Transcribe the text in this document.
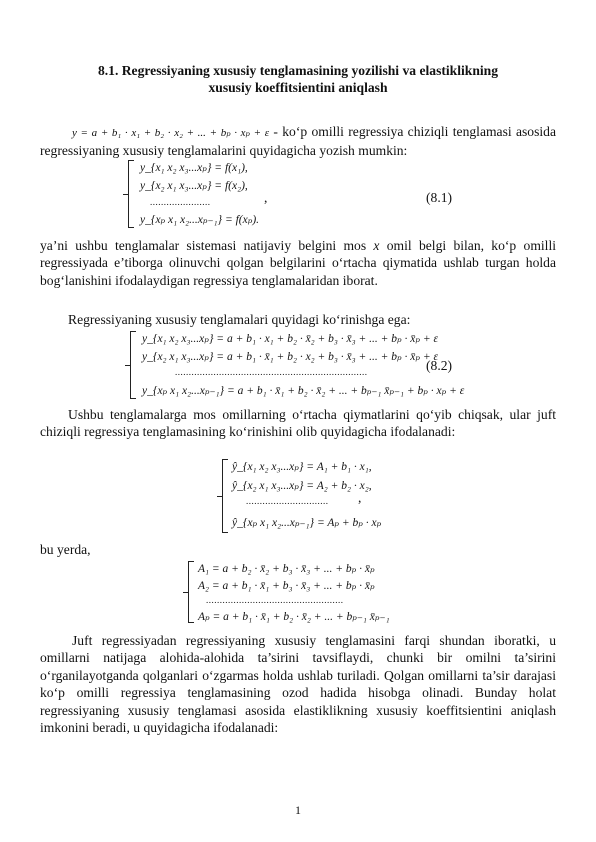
8.1. Regressiyaning xususiy tenglamasining yozilishi va elastiklikning
xususiy koeffitsientini aniqlash
y = a + b₁ · x₁ + b₂ · x₂ + ... + bₚ · xₚ + ε - ko‘p omilli regressiya chiziqli tenglamasi asosida regressiyaning xususiy tenglamalarini quyidagicha yozish mumkin:
y_{x₁ x₂ x₃...xₚ} = f(x₁),
y_{x₂ x₁ x₃...xₚ} = f(x₂),
......................
y_{xₚ x₁ x₂...xₚ₋₁} = f(xₚ).
,	(8.1)
ya’ni ushbu tenglamalar sistemasi natijaviy belgini mos x omil belgi bilan, ko‘p omilli regressiyada e’tiborga olinuvchi qolgan belgilarini o‘rtacha qiymatida ushlab turgan holda bog‘lanishini ifodalaydigan regressiya tenglamalaridan iborat.
Regressiyaning xususiy tenglamalari quyidagi ko‘rinishga ega:
y_{x₁ x₂ x₃...xₚ} = a + b₁ · x₁ + b₂ · x̄₂ + b₃ · x̄₃ + ... + bₚ · x̄ₚ + ε
y_{x₂ x₁ x₃...xₚ} = a + b₁ · x̄₁ + b₂ · x₂ + b₃ · x̄₃ + ... + bₚ · x̄ₚ + ε
......................................................................
y_{xₚ x₁ x₂...xₚ₋₁} = a + b₁ · x̄₁ + b₂ · x̄₂ + ... + bₚ₋₁ x̄ₚ₋₁ + bₚ · xₚ + ε
(8.2)
Ushbu tenglamalarga mos omillarning o‘rtacha qiymatlarini qo‘yib chiqsak, ular juft chiziqli regressiya tenglamasining ko‘rinishini olib quyidagicha ifodalanadi:
ŷ_{x₁ x₂ x₃...xₚ} = A₁ + b₁ · x₁,
ŷ_{x₂ x₁ x₃...xₚ} = A₂ + b₂ · x₂,
..............................
ŷ_{xₚ x₁ x₂...xₚ₋₁} = Aₚ + bₚ · xₚ
,
bu yerda,
A₁ = a + b₂ · x̄₂ + b₃ · x̄₃ + ... + bₚ · x̄ₚ
A₂ = a + b₁ · x̄₁ + b₃ · x̄₃ + ... + bₚ · x̄ₚ
..................................................
Aₚ = a + b₁ · x̄₁ + b₂ · x̄₂ + ... + bₚ₋₁ x̄ₚ₋₁
Juft regressiyadan regressiyaning xususiy tenglamasini farqi shundan iboratki, u omillarni natijaga alohida-alohida ta’sirini tavsiflaydi, chunki bir omilni ta’sirini o‘rganilayotganda qolganlari o‘zgarmas holda ushlab turiladi. Qolgan omillarni ta’sir darajasi ko‘p omilli regressiya tenglamasining ozod hadida hisobga olinadi. Bunday holat regressiyaning xususiy tenglamasi asosida elastiklikning xususiy koeffitsientini aniqlash imkonini beradi, u quyidagicha ifodalanadi:
1
